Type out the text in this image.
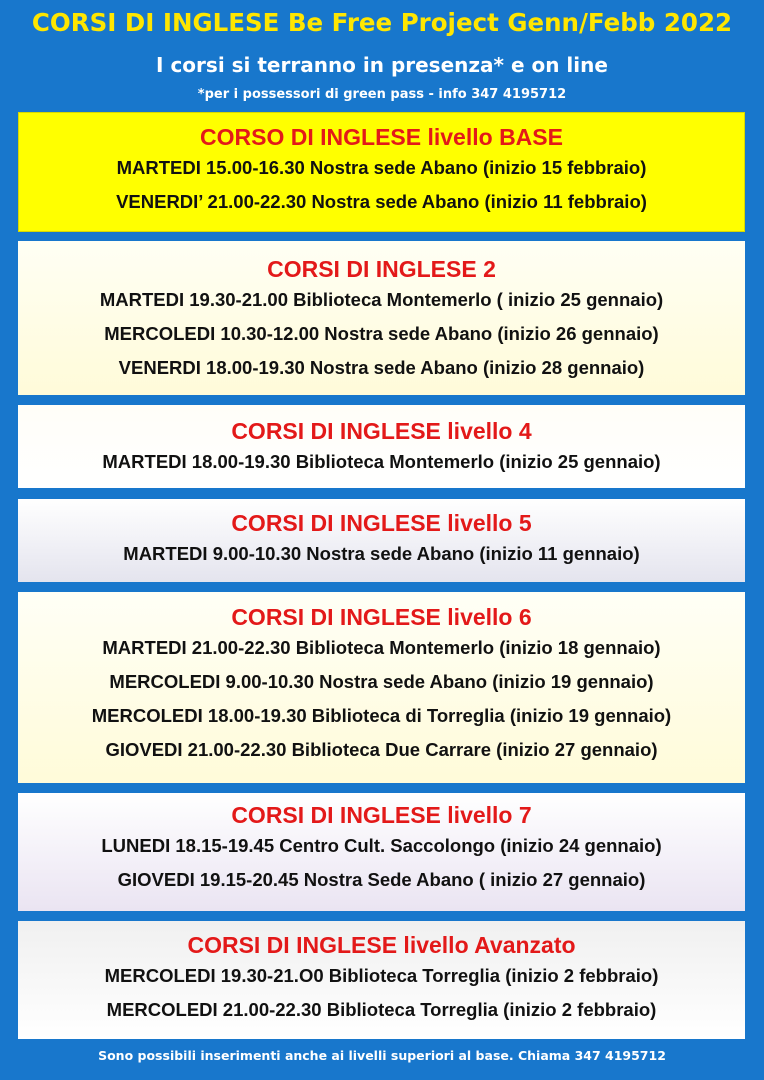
CORSI DI INGLESE Be Free Project Genn/Febb 2022
I corsi si terranno in presenza* e on line
*per i possessori di green pass - info 347 4195712
CORSO DI INGLESE livello BASE
MARTEDI 15.00-16.30 Nostra sede Abano (inizio 15 febbraio)
VENERDI’ 21.00-22.30 Nostra sede Abano (inizio 11 febbraio)
CORSI DI INGLESE 2
MARTEDI 19.30-21.00 Biblioteca Montemerlo ( inizio 25 gennaio)
MERCOLEDI 10.30-12.00 Nostra sede Abano (inizio 26 gennaio)
VENERDI 18.00-19.30 Nostra sede Abano (inizio 28 gennaio)
CORSI DI INGLESE livello 4
MARTEDI 18.00-19.30 Biblioteca Montemerlo (inizio 25 gennaio)
CORSI DI INGLESE livello 5
MARTEDI 9.00-10.30 Nostra sede Abano (inizio 11 gennaio)
CORSI DI INGLESE livello 6
MARTEDI 21.00-22.30 Biblioteca Montemerlo (inizio 18 gennaio)
MERCOLEDI 9.00-10.30 Nostra sede Abano (inizio 19 gennaio)
MERCOLEDI 18.00-19.30 Biblioteca di Torreglia (inizio 19 gennaio)
GIOVEDI 21.00-22.30 Biblioteca Due Carrare (inizio 27 gennaio)
CORSI DI INGLESE livello 7
LUNEDI 18.15-19.45 Centro Cult. Saccolongo (inizio 24 gennaio)
GIOVEDI 19.15-20.45 Nostra Sede Abano ( inizio 27 gennaio)
CORSI DI INGLESE livello Avanzato
MERCOLEDI 19.30-21.O0 Biblioteca Torreglia (inizio 2 febbraio)
MERCOLEDI 21.00-22.30 Biblioteca Torreglia (inizio 2 febbraio)
Sono possibili inserimenti anche ai livelli superiori al base. Chiama 347 4195712
